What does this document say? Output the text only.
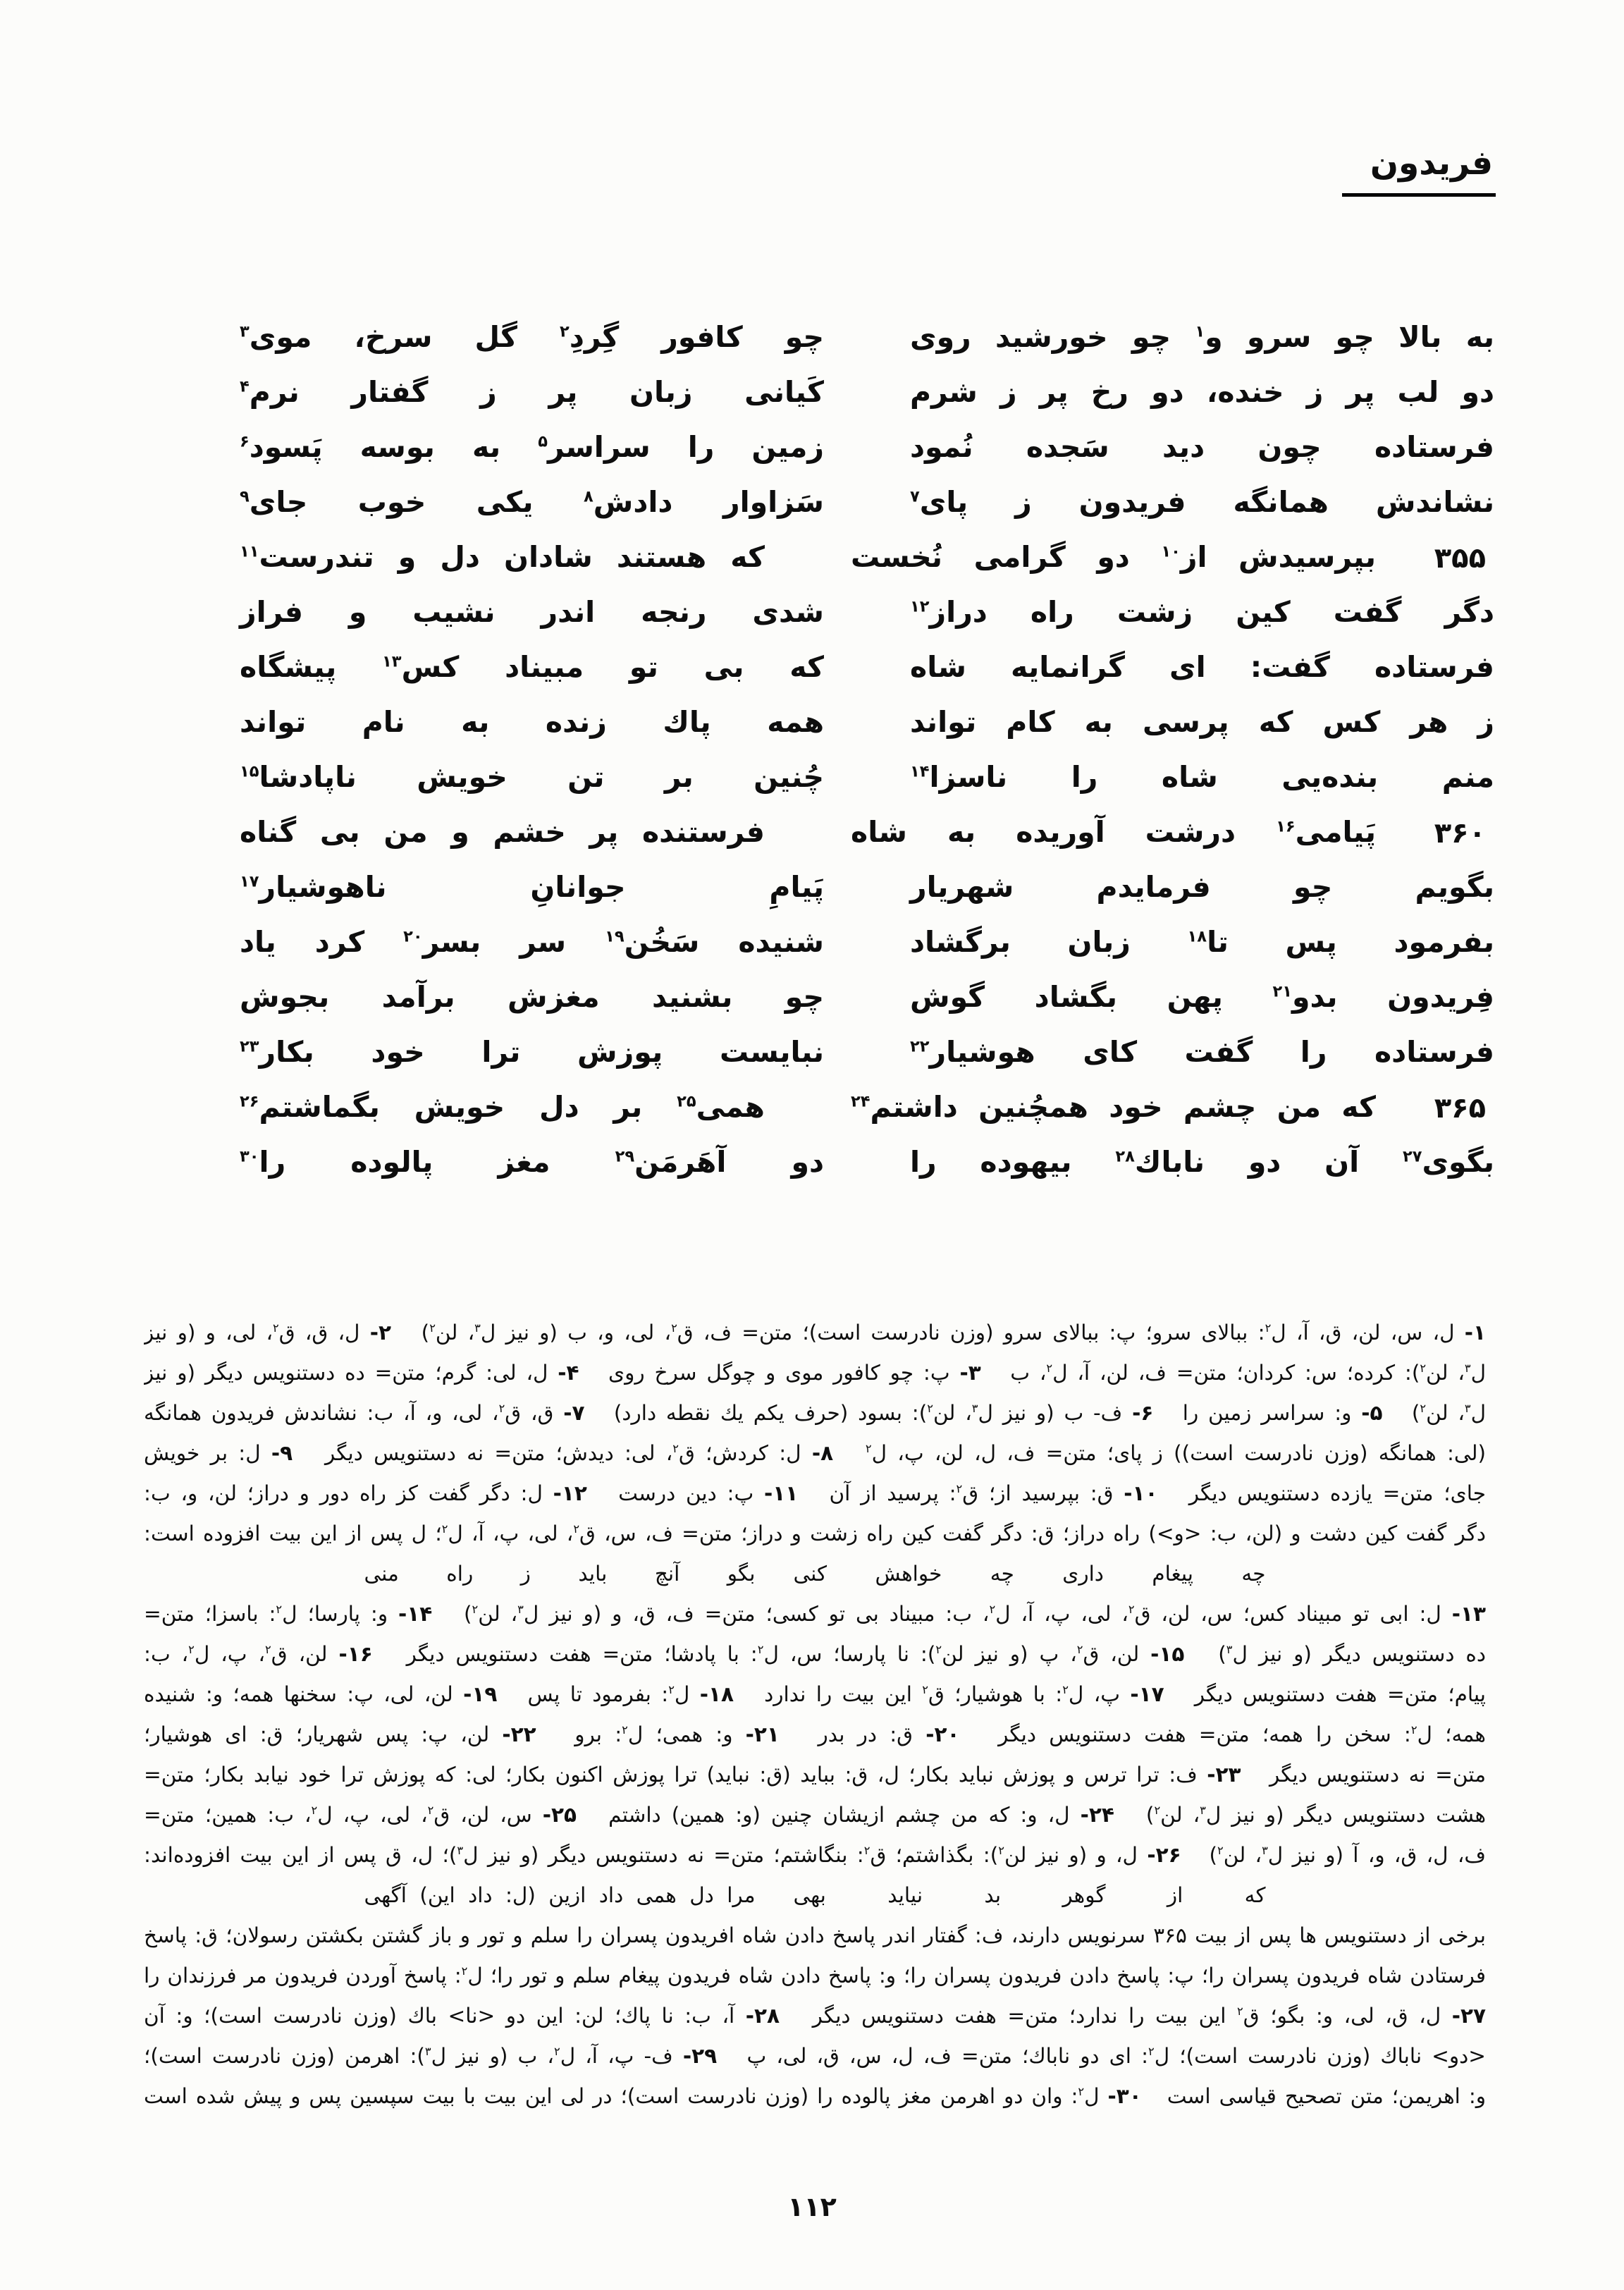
فریدون
به بالا چو سرو و$^۱$ چو خورشید روی
چو کافور گِردِ$^۲$ گل سرخ، موی$^۳$
دو لب پر ز خنده، دو رخ پر ز شرم
کَیانی زبان پر ز گفتار نرم$^۴$
فرستاده چون دید سَجده نُمود
زمین را سراسر$^۵$ به بوسه پَسود$^۶$
نشاندش همانگه فریدون ز پای$^۷$
سَزاوار دادش$^۸$ یکی خوب جای$^۹$
۳۵۵
بپرسیدش از$^{۱۰}$ دو گرامی نُخست
که هستند شادان دل و تندرست$^{۱۱}$
دگر گفت کین زشت راه دراز$^{۱۲}$
شدی رنجه اندر نشیب و فراز
فرستاده گفت: ای گرانمایه شاه
که بی تو مبیناد کس$^{۱۳}$ پیشگاه
ز هر کس که پرسی به کام تواند
همه پاك زنده به نام تواند
منم بنده‌یی شاه را ناسزا$^{۱۴}$
چُنین بر تن خویش ناپادشا$^{۱۵}$
۳۶۰
پَیامی$^{۱۶}$ درشت آوریده به شاه
فرستنده پر خشم و من بی گناه
بگویم چو فرمایدم شهریار
پَیامِ جوانانِ ناهوشیار$^{۱۷}$
بفرمود پس تا$^{۱۸}$ زبان برگشاد
شنیده سَخُن$^{۱۹}$ سر بسر$^{۲۰}$ کرد یاد
فِریدون بدو$^{۲۱}$ پهن بگشاد گوش
چو بشنید مغزش برآمد بجوش
فرستاده را گفت کای هوشیار$^{۲۲}$
نبایست پوزش ترا خود بکار$^{۲۳}$
۳۶۵
که من چشم خود همچُنین داشتم$^{۲۴}$
همی$^{۲۵}$ بر دل خویش بگماشتم$^{۲۶}$
بگوی$^{۲۷}$ آن دو ناباك$^{۲۸}$ بیهوده را
دو آهَرمَن$^{۲۹}$ مغز پالوده را$^{۳۰}$
۱- ل، س، لن، ق، آ، ل$^۲$: ببالای سرو؛ پ: ببالای سرو (وزن نادرست است)؛ متن= ف، ق$^۲$، لی، و، ب (و نیز ل$^۳$، لن$^۲$)   ۲- ل، ق، ق$^۲$، لی، و (و نیز
ل$^۳$، لن$^۲$): کرده؛ س: کردان؛ متن= ف، لن، آ، ل$^۲$، ب   ۳- پ: چو کافور موی و چوگل سرخ روی   ۴- ل، لی: گرم؛ متن= ده دستنویس دیگر (و نیز
ل$^۳$، لن$^۲$)   ۵- و: سراسر زمین را   ۶- ف- ب (و نیز ل$^۳$، لن$^۲$): بسود (حرف یکم یك نقطه دارد)   ۷- ق، ق$^۲$، لی، و، آ، ب: نشاندش فریدون همانگه
(لی: همانگه (وزن نادرست است)) ز پای؛ متن= ف، ل، لن، پ، ل$^۲$   ۸- ل: کردش؛ ق$^۲$، لی: دیدش؛ متن= نه دستنویس دیگر   ۹- ل: بر خویش
جای؛ متن= یازده دستنویس دیگر   ۱۰- ق: بپرسید از؛ ق$^۲$: پرسید از آن   ۱۱- پ: دین درست   ۱۲- ل: دگر گفت کز راه دور و دراز؛ لن، و، ب:
دگر گفت کین دشت و (لن، ب: <و>) راه دراز؛ ق: دگر گفت کین راه زشت و دراز؛ متن= ف، س، ق$^۲$، لی، پ، آ، ل$^۲$؛ ل پس از این بیت افزوده است:
چه پیغام داری چه خواهش کنی
بگو آنچ باید ز راه منی
۱۳- ل: ابی تو مبیناد کس؛ س، لن، ق$^۲$، لی، پ، آ، ل$^۲$، ب: مبیناد بی تو کسی؛ متن= ف، ق، و (و نیز ل$^۳$، لن$^۲$)   ۱۴- و: پارسا؛ ل$^۲$: باسزا؛ متن=
ده دستنویس دیگر (و نیز ل$^۳$)   ۱۵- لن، ق$^۲$، پ (و نیز لن$^۲$): نا پارسا؛ س، ل$^۲$: با پادشا؛ متن= هفت دستنویس دیگر   ۱۶- لن، ق$^۲$، پ، ل$^۲$، ب:
پیام؛ متن= هفت دستنویس دیگر   ۱۷- پ، ل$^۲$: با هوشیار؛ ق$^۲$ این بیت را ندارد   ۱۸- ل$^۲$: بفرمود تا پس   ۱۹- لن، لی، پ: سخنها همه؛ و: شنیده
همه؛ ل$^۲$: سخن را همه؛ متن= هفت دستنویس دیگر   ۲۰- ق: در بدر   ۲۱- و: همی؛ ل$^۲$: برو   ۲۲- لن، پ: پس شهریار؛ ق: ای هوشیار؛
متن= نه دستنویس دیگر   ۲۳- ف: ترا ترس و پوزش نباید بکار؛ ل، ق: بباید (ق: نباید) ترا پوزش اکنون بکار؛ لی: که پوزش ترا خود نیابد بکار؛ متن=
هشت دستنویس دیگر (و نیز ل$^۳$، لن$^۲$)   ۲۴- ل، و: که من چشم ازیشان چنین (و: همین) داشتم   ۲۵- س، لن، ق$^۲$، لی، پ، ل$^۲$، ب: همین؛ متن=
ف، ل، ق، و، آ (و نیز ل$^۳$، لن$^۲$)   ۲۶- ل، و (و نیز لن$^۲$): بگذاشتم؛ ق$^۲$: بنگاشتم؛ متن= نه دستنویس دیگر (و نیز ل$^۳$)؛ ل، ق پس از این بیت افزوده‌اند:
که از گوهر بد نیاید بهی
مرا دل همی داد ازین (ل: داد این) آگهی
برخی از دستنویس ها پس از بیت ۳۶۵ سرنویس دارند، ف: گفتار اندر پاسخ دادن شاه افریدون پسران را سلم و تور و باز گشتن بکشتن رسولان؛ ق: پاسخ
فرستادن شاه فریدون پسران را؛ پ: پاسخ دادن فریدون پسران را؛ و: پاسخ دادن شاه فریدون پیغام سلم و تور را؛ ل$^۲$: پاسخ آوردن فریدون مر فرزندان را
۲۷- ل، ق، لی، و: بگو؛ ق$^۲$ این بیت را ندارد؛ متن= هفت دستنویس دیگر   ۲۸- آ، ب: نا پاك؛ لن: این دو <نا> باك (وزن نادرست است)؛ و: آن
<دو> ناباك (وزن نادرست است)؛ ل$^۲$: ای دو ناباك؛ متن= ف، ل، س، ق، لی، پ   ۲۹- ف- پ، آ، ل$^۲$، ب (و نیز ل$^۳$): اهرمن (وزن نادرست است)؛
و: اهریمن؛ متن تصحیح قیاسی است   ۳۰- ل$^۲$: وان دو اهرمن مغز پالوده را (وزن نادرست است)؛ در لی این بیت با بیت سپسین پس و پیش شده است
۱۱۲
